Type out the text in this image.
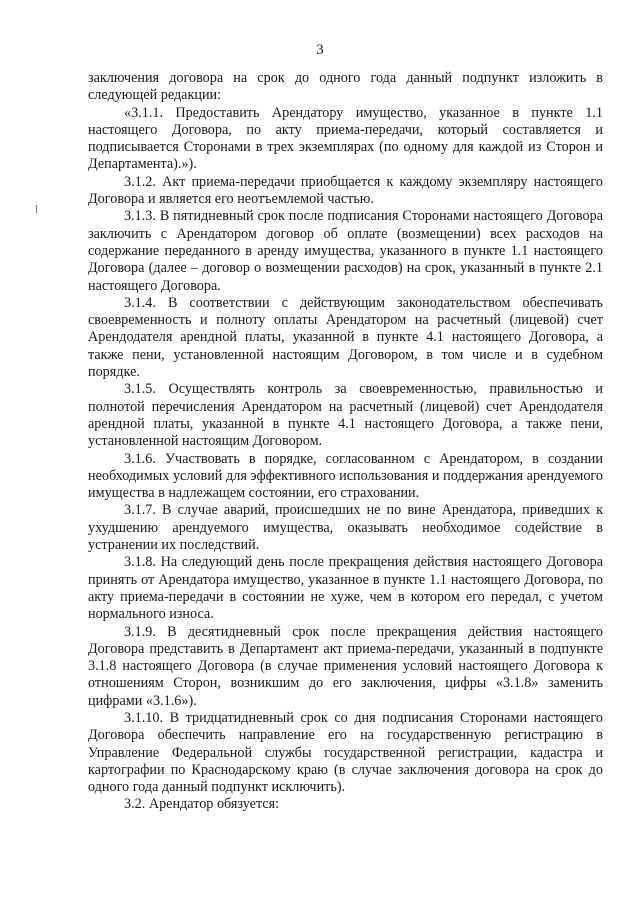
3

заключения договора на срок до одного года данный подпункт изложить в следующей редакции:

«3.1.1. Предоставить Арендатору имущество, указанное в пункте 1.1 настоящего Договора, по акту приема-передачи, который составляется и подписывается Сторонами в трех экземплярах (по одному для каждой из Сторон и Департамента).»).

3.1.2. Акт приема-передачи приобщается к каждому экземпляру настоящего Договора и является его неотъемлемой частью.

3.1.3. В пятидневный срок после подписания Сторонами настоящего Договора заключить с Арендатором договор об оплате (возмещении) всех расходов на содержание переданного в аренду имущества, указанного в пункте 1.1 настоящего Договора (далее – договор о возмещении расходов) на срок, указанный в пункте 2.1 настоящего Договора.

3.1.4. В соответствии с действующим законодательством обеспечивать своевременность и полноту оплаты Арендатором на расчетный (лицевой) счет Арендодателя арендной платы, указанной в пункте 4.1 настоящего Договора, а также пени, установленной настоящим Договором, в том числе и в судебном порядке.

3.1.5. Осуществлять контроль за своевременностью, правильностью и полнотой перечисления Арендатором на расчетный (лицевой) счет Арендодателя арендной платы, указанной в пункте 4.1 настоящего Договора, а также пени, установленной настоящим Договором.

3.1.6. Участвовать в порядке, согласованном с Арендатором, в создании необходимых условий для эффективного использования и поддержания арендуемого имущества в надлежащем состоянии, его страховании.

3.1.7. В случае аварий, происшедших не по вине Арендатора, приведших к ухудшению арендуемого имущества, оказывать необходимое содействие в устранении их последствий.

3.1.8. На следующий день после прекращения действия настоящего Договора принять от Арендатора имущество, указанное в пункте 1.1 настоящего Договора, по акту приема-передачи в состоянии не хуже, чем в котором его передал, с учетом нормального износа.

3.1.9. В десятидневный срок после прекращения действия настоящего Договора представить в Департамент акт приема-передачи, указанный в подпункте 3.1.8 настоящего Договора (в случае применения условий настоящего Договора к отношениям Сторон, возникшим до его заключения, цифры «3.1.8» заменить цифрами «3.1.6»).

3.1.10. В тридцатидневный срок со дня подписания Сторонами настоящего Договора обеспечить направление его на государственную регистрацию в Управление Федеральной службы государственной регистрации, кадастра и картографии по Краснодарскому краю (в случае заключения договора на срок до одного года данный подпункт исключить).

3.2. Арендатор обязуется:
